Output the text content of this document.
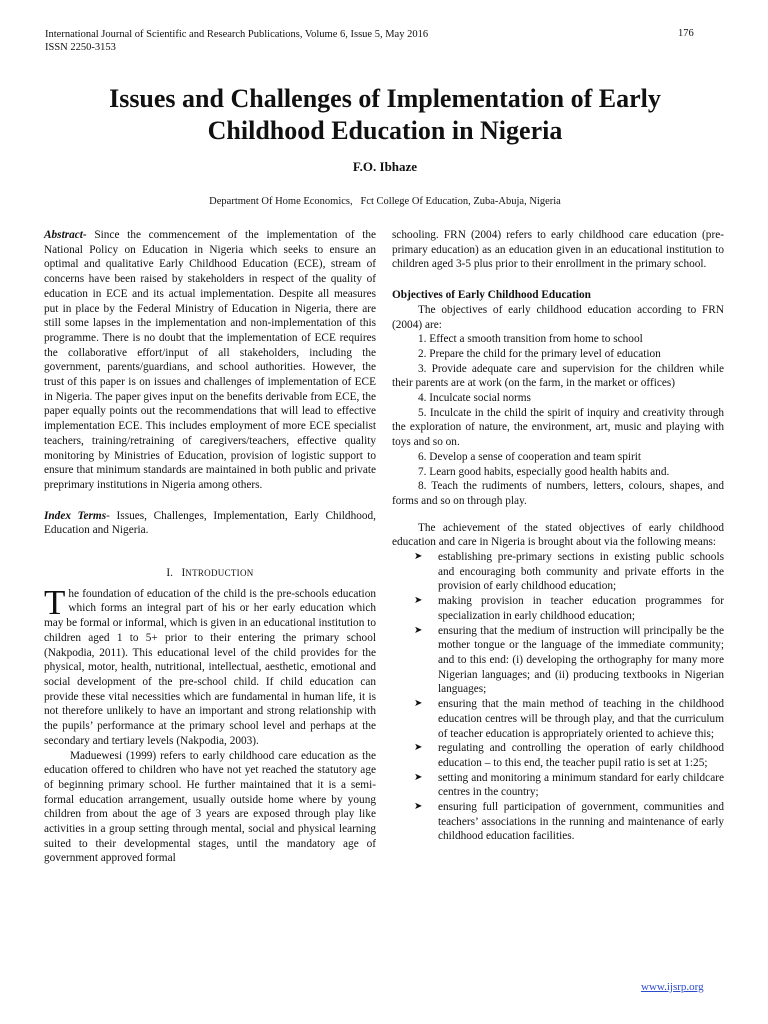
International Journal of Scientific and Research Publications, Volume 6, Issue 5, May 2016
ISSN 2250-3153
176
Issues and Challenges of Implementation of Early
Childhood Education in Nigeria
F.O. Ibhaze
Department Of Home Economics,   Fct College Of Education, Zuba-Abuja, Nigeria

Abstract- Since the commencement of the implementation of the National Policy on Education in Nigeria which seeks to ensure an optimal and qualitative Early Childhood Education (ECE), stream of concerns have been raised by stakeholders in respect of the quality of education in ECE and its actual implementation. Despite all measures put in place by the Federal Ministry of Education in Nigeria, there are still some lapses in the implementation and non-implementation of this programme. There is no doubt that the implementation of ECE requires the collaborative effort/input of all stakeholders, including the government, parents/guardians, and school authorities. However, the trust of this paper is on issues and challenges of implementation of ECE in Nigeria. The paper gives input on the benefits derivable from ECE, the paper equally points out the recommendations that will lead to effective implementation ECE. This includes employment of more ECE specialist teachers, training/retraining of caregivers/teachers, effective quality monitoring by Ministries of Education, provision of logistic support to ensure that minimum standards are maintained in both public and private preprimary institutions in Nigeria among others.

Index Terms- Issues, Challenges, Implementation, Early Childhood, Education and Nigeria.

I. INTRODUCTION

The foundation of education of the child is the pre-schools education which forms an integral part of his or her early education which may be formal or informal, which is given in an educational institution to children aged 1 to 5+ prior to their entering the primary school (Nakpodia, 2011). This educational level of the child provides for the physical, motor, health, nutritional, intellectual, aesthetic, emotional and social development of the pre-school child. If child education can provide these vital necessities which are fundamental in human life, it is not therefore unlikely to have an important and strong relationship with the pupils’ performance at the primary school level and perhaps at the secondary and tertiary levels (Nakpodia, 2003).

Maduewesi (1999) refers to early childhood care education as the education offered to children who have not yet reached the statutory age of beginning primary school. He further maintained that it is a semi-formal education arrangement, usually outside home where by young children from about the age of 3 years are exposed through play like activities in a group setting through mental, social and physical learning suited to their developmental stages, until the mandatory age of government approved formal

schooling. FRN (2004) refers to early childhood care education (pre-primary education) as an education given in an educational institution to children aged 3-5 plus prior to their enrollment in the primary school.

Objectives of Early Childhood Education

The objectives of early childhood education according to FRN (2004) are:

1. Effect a smooth transition from home to school
2. Prepare the child for the primary level of education
3. Provide adequate care and supervision for the children while their parents are at work (on the farm, in the market or offices)
4. Inculcate social norms
5. Inculcate in the child the spirit of inquiry and creativity through the exploration of nature, the environment, art, music and playing with toys and so on.
6. Develop a sense of cooperation and team spirit
7. Learn good habits, especially good health habits and.
8. Teach the rudiments of numbers, letters, colours, shapes, and forms and so on through play.

The achievement of the stated objectives of early childhood education and care in Nigeria is brought about via the following means:

➤ establishing pre-primary sections in existing public schools and encouraging both community and private efforts in the provision of early childhood education;
➤ making provision in teacher education programmes for specialization in early childhood education;
➤ ensuring that the medium of instruction will principally be the mother tongue or the language of the immediate community; and to this end: (i) developing the orthography for many more Nigerian languages; and (ii) producing textbooks in Nigerian languages;
➤ ensuring that the main method of teaching in the childhood education centres will be through play, and that the curriculum of teacher education is appropriately oriented to achieve this;
➤ regulating and controlling the operation of early childhood education – to this end, the teacher pupil ratio is set at 1:25;
➤ setting and monitoring a minimum standard for early childcare centres in the country;
➤ ensuring full participation of government, communities and teachers’ associations in the running and maintenance of early childhood education facilities.
www.ijsrp.org
